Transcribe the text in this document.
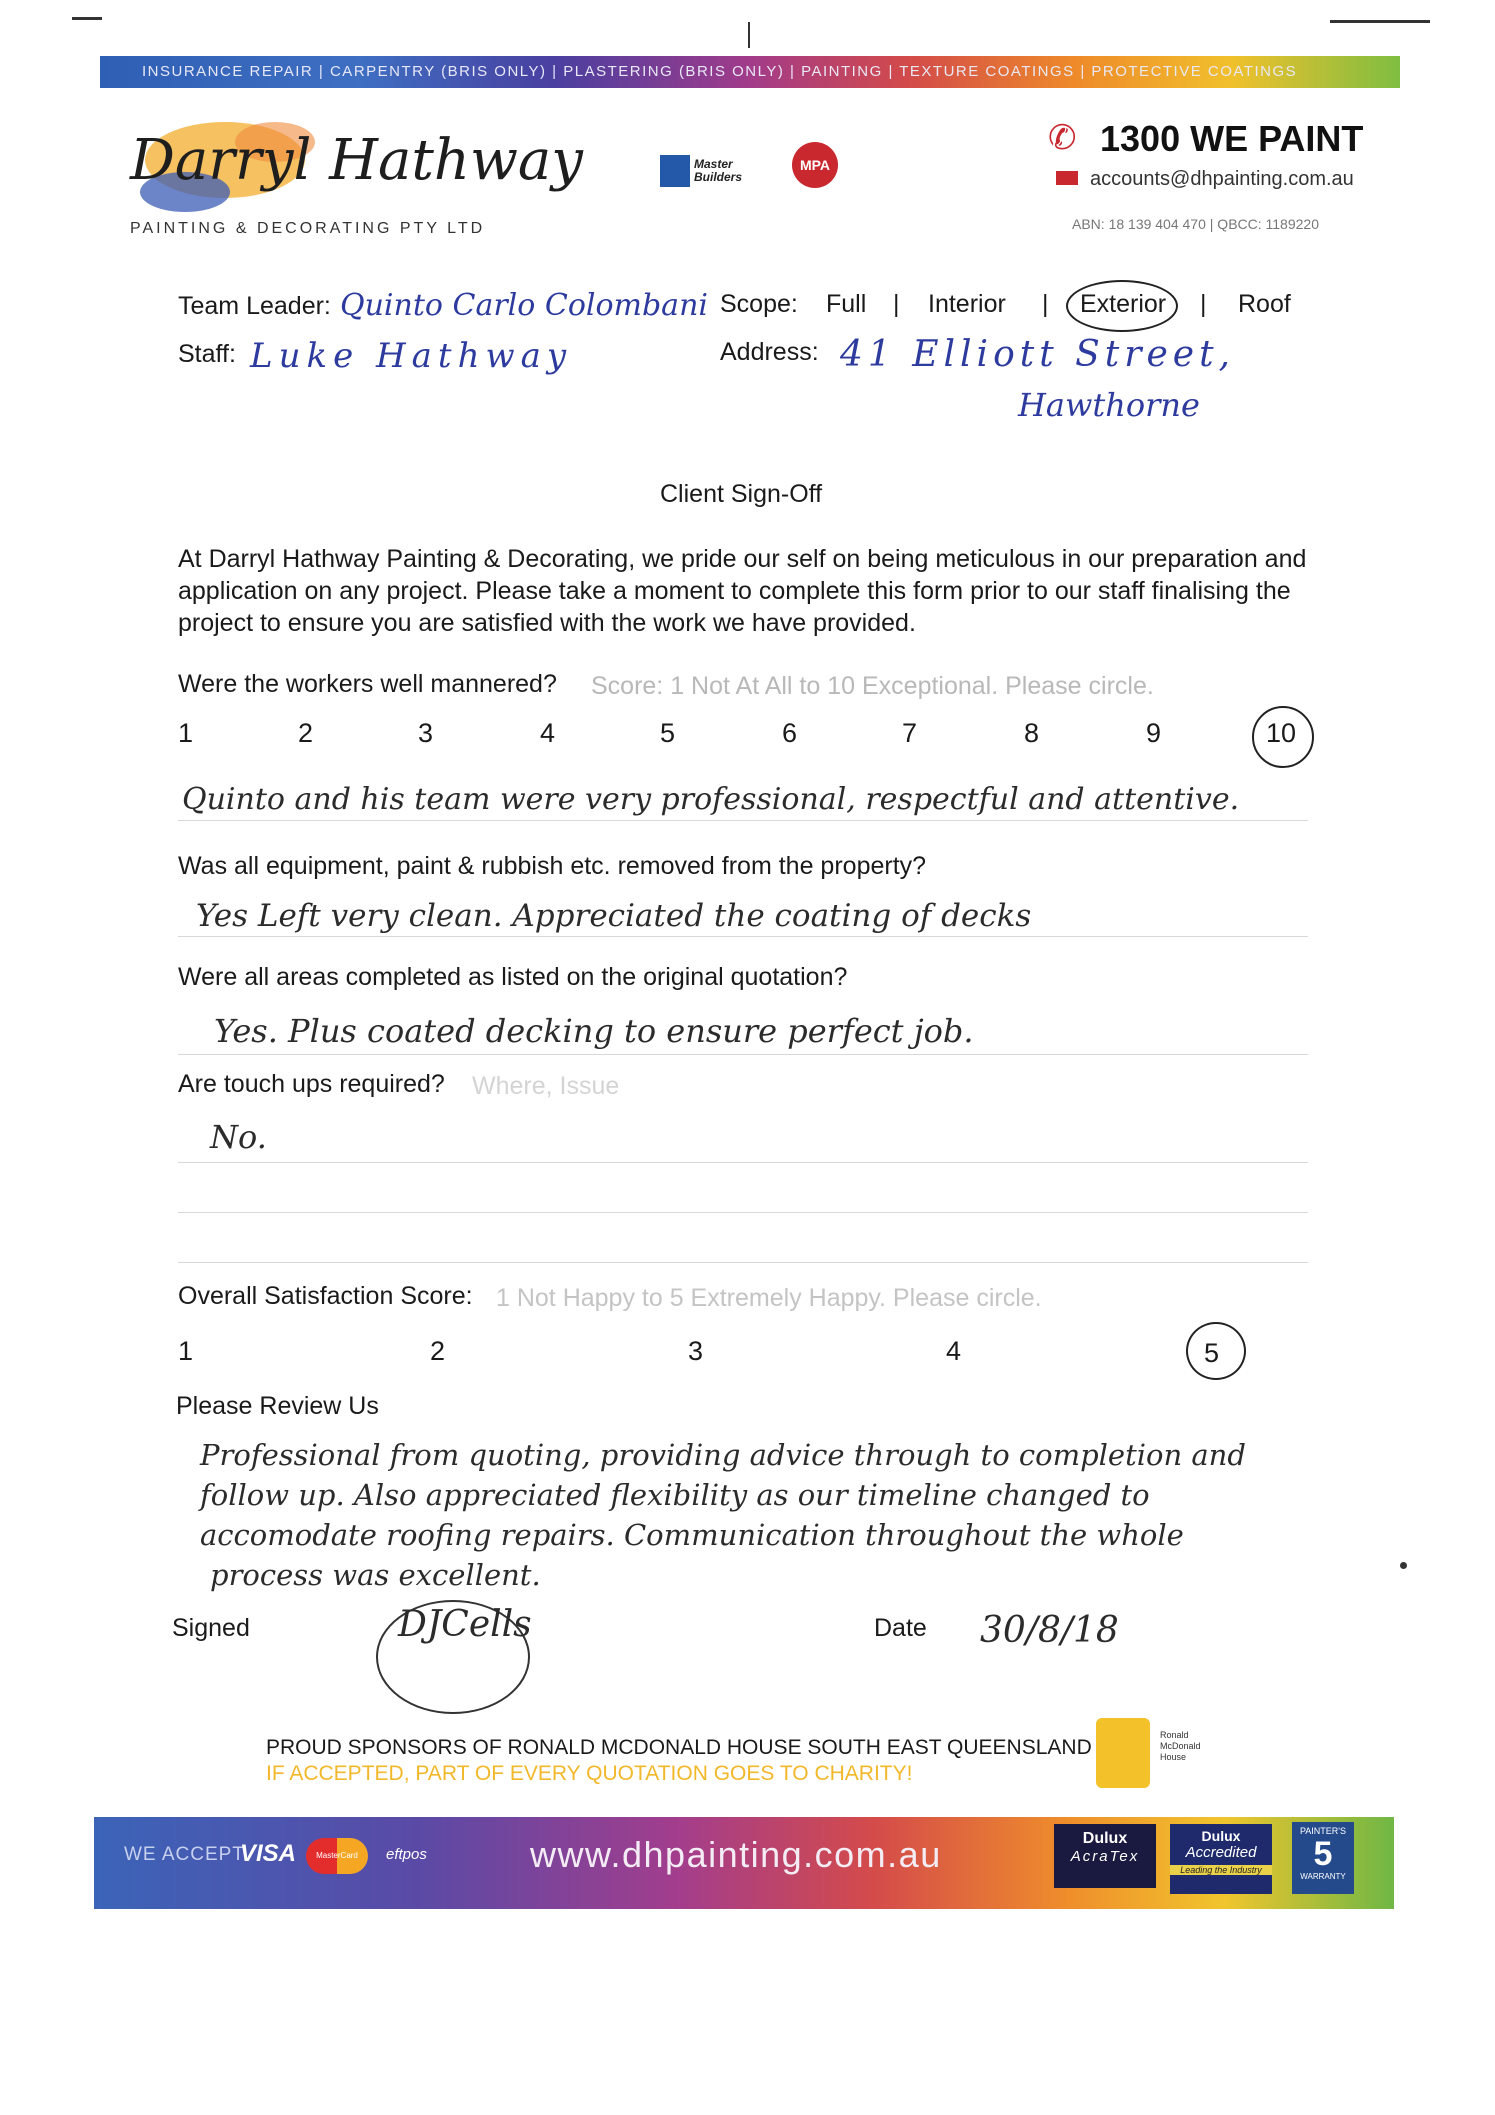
INSURANCE REPAIR | CARPENTRY (BRIS ONLY) | PLASTERING (BRIS ONLY) | PAINTING | TEXTURE COATINGS | PROTECTIVE COATINGS
Darryl Hathway
PAINTING & DECORATING PTY LTD
Master Builders
MPA
✆ 1300 WE PAINT
accounts@dhpainting.com.au
ABN: 18 139 404 470 | QBCC: 1189220
Team Leader: Quinto Carlo Colombani Scope: Full | Interior | Exterior | Roof
Staff: Luke Hathway	Address: 41 Elliott Street,
Hawthorne
Client Sign-Off
At Darryl Hathway Painting & Decorating, we pride our self on being meticulous in our preparation and application on any project. Please take a moment to complete this form prior to our staff finalising the project to ensure you are satisfied with the work we have provided.
Were the workers well mannered? Score: 1 Not At All to 10 Exceptional. Please circle.
1	2	3	4	5	6	7	8	9	10
Quinto and his team were very professional, respectful and attentive.
Was all equipment, paint & rubbish etc. removed from the property?
Yes Left very clean. Appreciated the coating of decks
Were all areas completed as listed on the original quotation?
Yes. Plus coated decking to ensure perfect job.
Are touch ups required? Where, Issue
No.
Overall Satisfaction Score: 1 Not Happy to 5 Extremely Happy. Please circle.
1	2	3	4	5
Please Review Us
Professional from quoting, providing advice through to completion and
follow up. Also appreciated flexibility as our timeline changed to
accomodate roofing repairs. Communication throughout the whole
process was excellent.
Signed	DJCells	Date 30/8/18
PROUD SPONSORS OF RONALD MCDONALD HOUSE SOUTH EAST QUEENSLAND
IF ACCEPTED, PART OF EVERY QUOTATION GOES TO CHARITY!
Ronald McDonald House
WE ACCEPT
VISA	MasterCard	eftpos	www.dhpainting.com.au	Dulux
AcraTex
Dulux
Accredited
Leading the Industry
PAINTER'S
5
WARRANTY
